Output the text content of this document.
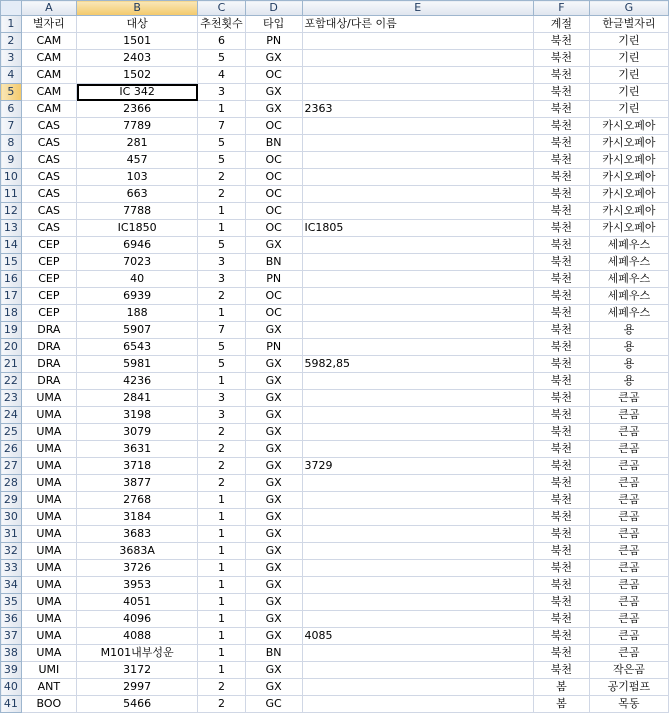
	A	B	C	D	E	F	G
1	별자리	대상	추천횟수	타입	포함대상/다른 이름	계절	한글별자리
2	CAM	1501	6	PN		북천	기린
3	CAM	2403	5	GX		북천	기린
4	CAM	1502	4	OC		북천	기린
5	CAM	IC 342	3	GX		북천	기린
6	CAM	2366	1	GX	2363	북천	기린
7	CAS	7789	7	OC		북천	카시오페아
8	CAS	281	5	BN		북천	카시오페아
9	CAS	457	5	OC		북천	카시오페아
10	CAS	103	2	OC		북천	카시오페아
11	CAS	663	2	OC		북천	카시오페아
12	CAS	7788	1	OC		북천	카시오페아
13	CAS	IC1850	1	OC	IC1805	북천	카시오페아
14	CEP	6946	5	GX		북천	세페우스
15	CEP	7023	3	BN		북천	세페우스
16	CEP	40	3	PN		북천	세페우스
17	CEP	6939	2	OC		북천	세페우스
18	CEP	188	1	OC		북천	세페우스
19	DRA	5907	7	GX		북천	용
20	DRA	6543	5	PN		북천	용
21	DRA	5981	5	GX	5982,85	북천	용
22	DRA	4236	1	GX		북천	용
23	UMA	2841	3	GX		북천	큰곰
24	UMA	3198	3	GX		북천	큰곰
25	UMA	3079	2	GX		북천	큰곰
26	UMA	3631	2	GX		북천	큰곰
27	UMA	3718	2	GX	3729	북천	큰곰
28	UMA	3877	2	GX		북천	큰곰
29	UMA	2768	1	GX		북천	큰곰
30	UMA	3184	1	GX		북천	큰곰
31	UMA	3683	1	GX		북천	큰곰
32	UMA	3683A	1	GX		북천	큰곰
33	UMA	3726	1	GX		북천	큰곰
34	UMA	3953	1	GX		북천	큰곰
35	UMA	4051	1	GX		북천	큰곰
36	UMA	4096	1	GX		북천	큰곰
37	UMA	4088	1	GX	4085	북천	큰곰
38	UMA	M101내부성운	1	BN		북천	큰곰
39	UMI	3172	1	GX		북천	작은곰
40	ANT	2997	2	GX		봄	공기펌프
41	BOO	5466	2	GC		봄	목동
